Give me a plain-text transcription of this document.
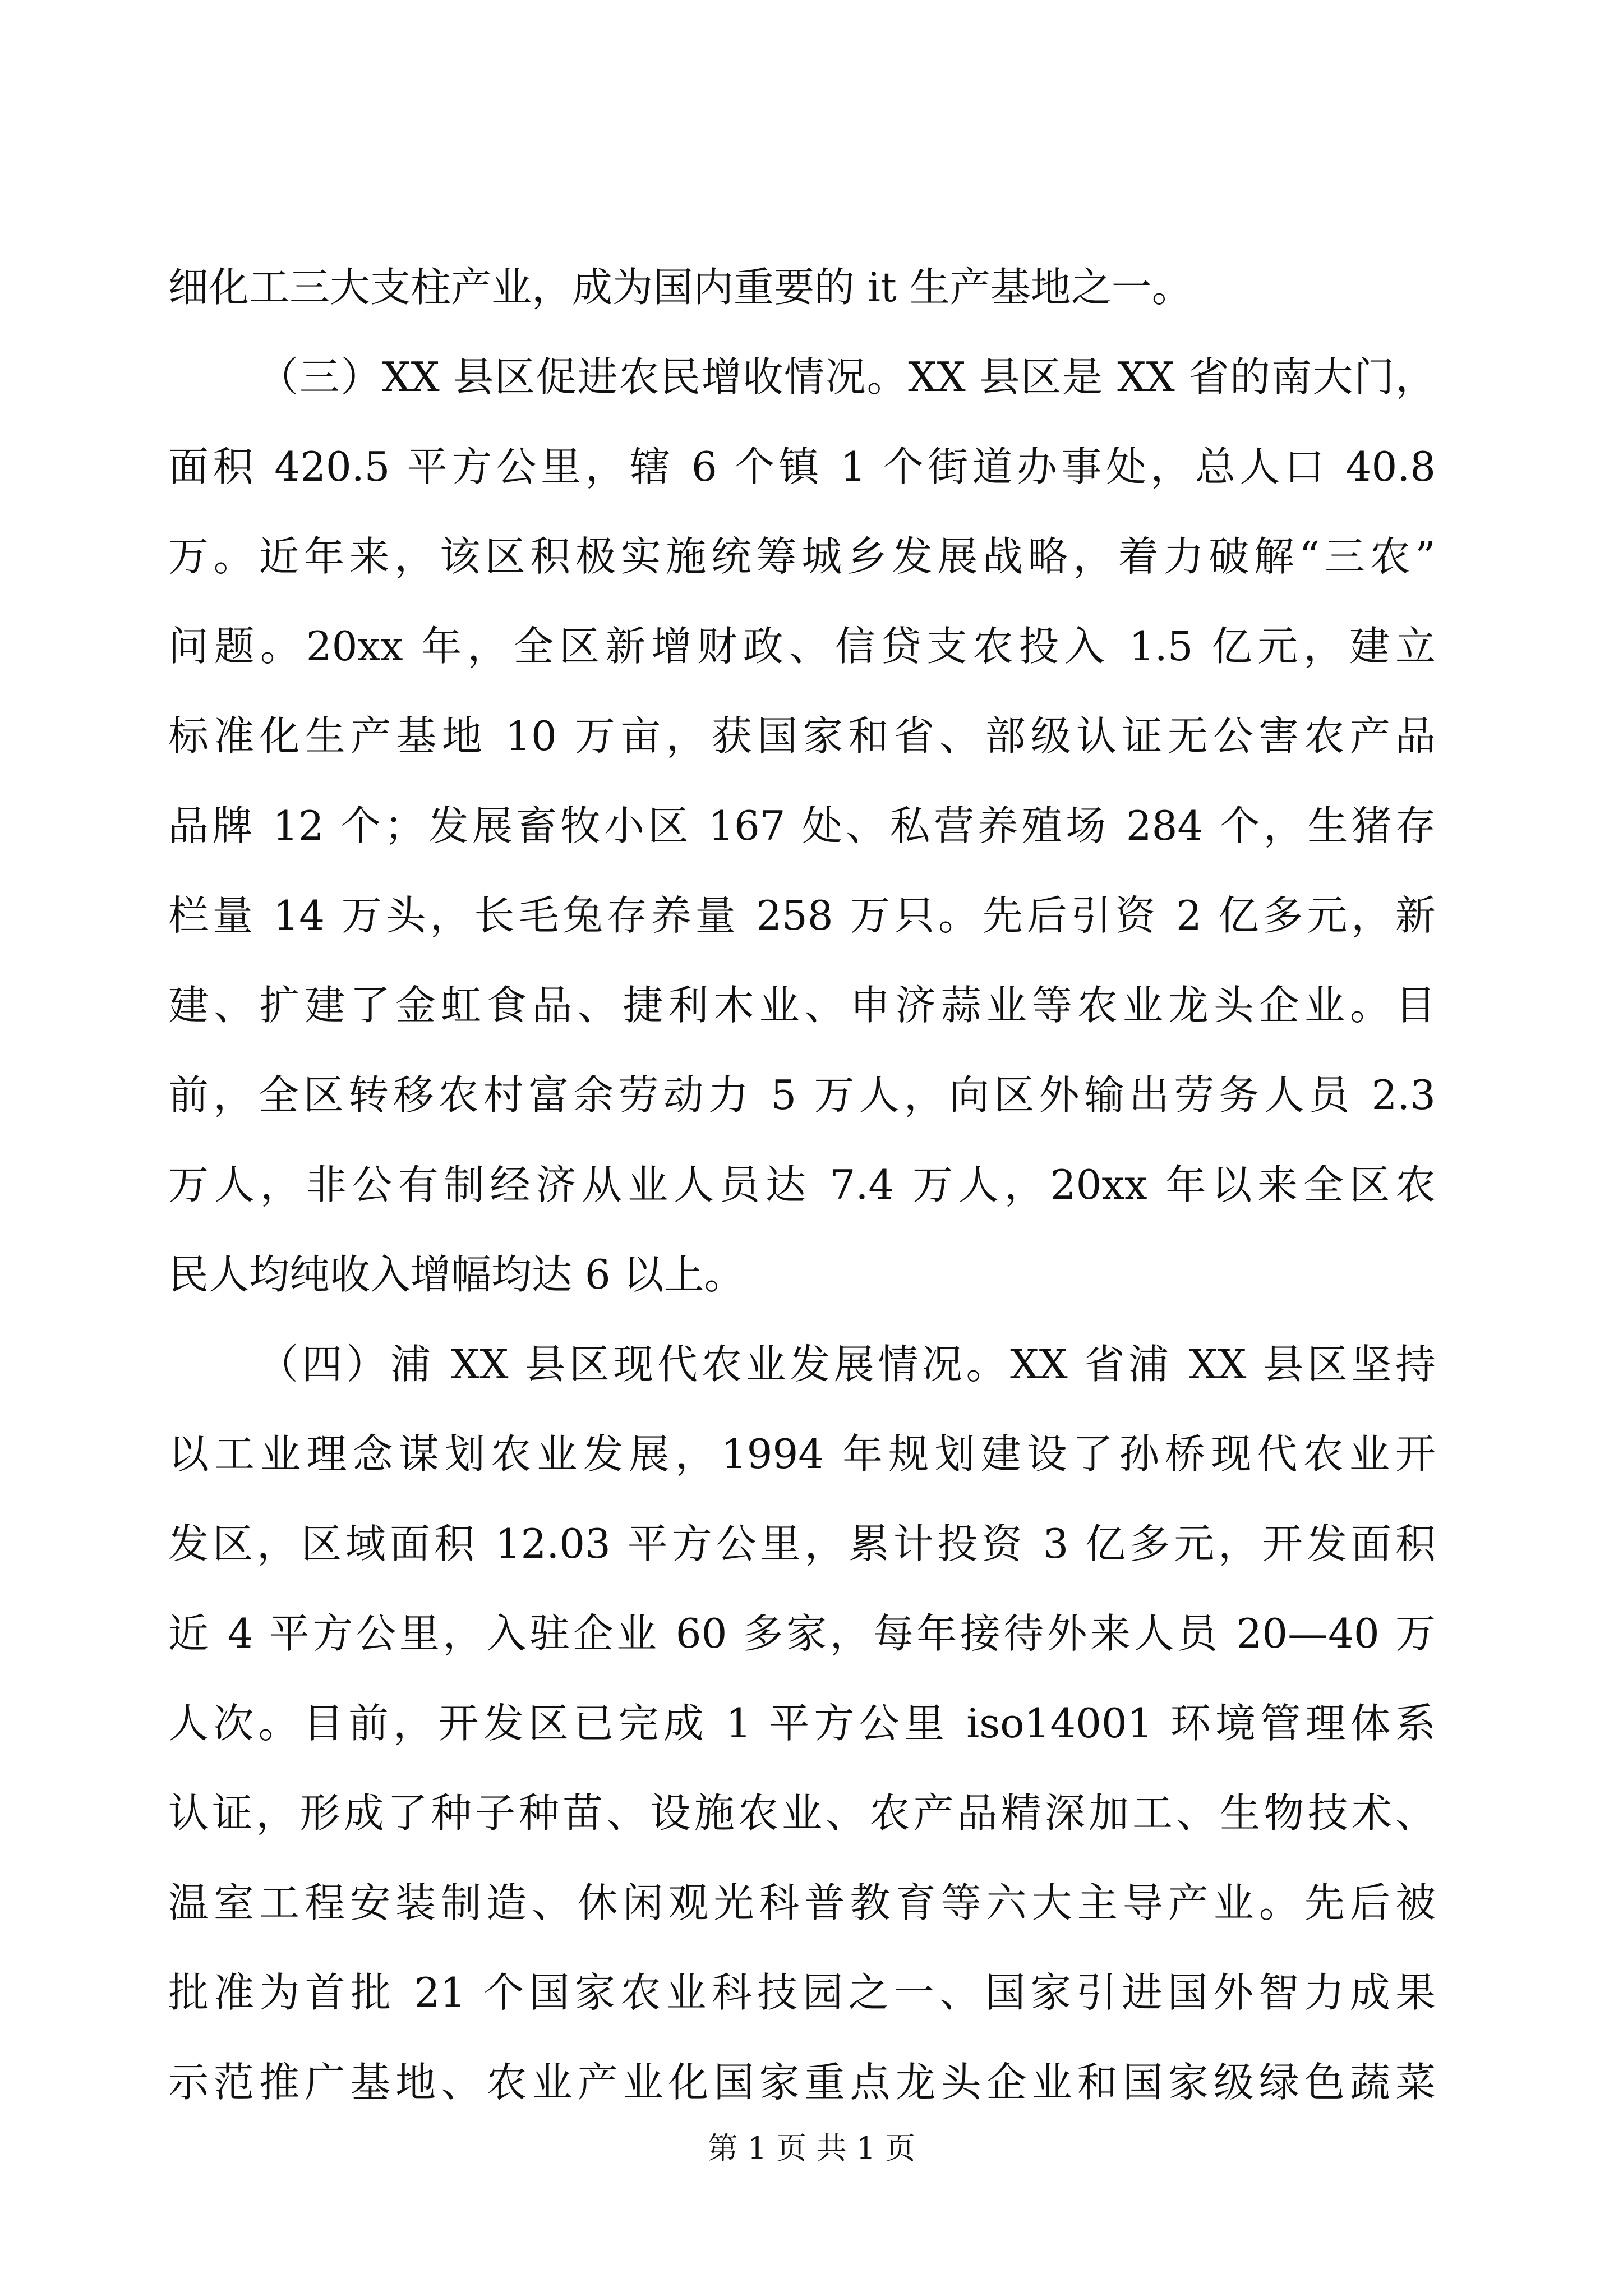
细化工三大支柱产业，成为国内重要的 it 生产基地之一。
（三）XX 县区促进农民增收情况。XX 县区是 XX 省的南大门，
面积 420.5 平方公里，辖 6 个镇 1 个街道办事处，总人口 40.8
万。近年来，该区积极实施统筹城乡发展战略，着力破解“三农”
问题。20xx 年，全区新增财政、信贷支农投入 1.5 亿元，建立
标准化生产基地 10 万亩，获国家和省、部级认证无公害农产品
品牌 12 个；发展畜牧小区 167 处、私营养殖场 284 个，生猪存
栏量 14 万头，长毛兔存养量 258 万只。先后引资 2 亿多元，新
建、扩建了金虹食品、捷利木业、申济蒜业等农业龙头企业。目
前，全区转移农村富余劳动力 5 万人，向区外输出劳务人员 2.3
万人，非公有制经济从业人员达 7.4 万人，20xx 年以来全区农
民人均纯收入增幅均达 6 以上。
（四）浦 XX 县区现代农业发展情况。XX 省浦 XX 县区坚持
以工业理念谋划农业发展，1994 年规划建设了孙桥现代农业开
发区，区域面积 12.03 平方公里，累计投资 3 亿多元，开发面积
近 4 平方公里，入驻企业 60 多家，每年接待外来人员 20—40 万
人次。目前，开发区已完成 1 平方公里 iso14001 环境管理体系
认证，形成了种子种苗、设施农业、农产品精深加工、生物技术、
温室工程安装制造、休闲观光科普教育等六大主导产业。先后被
批准为首批 21 个国家农业科技园之一、国家引进国外智力成果
示范推广基地、农业产业化国家重点龙头企业和国家级绿色蔬菜
第 1 页 共 1 页
